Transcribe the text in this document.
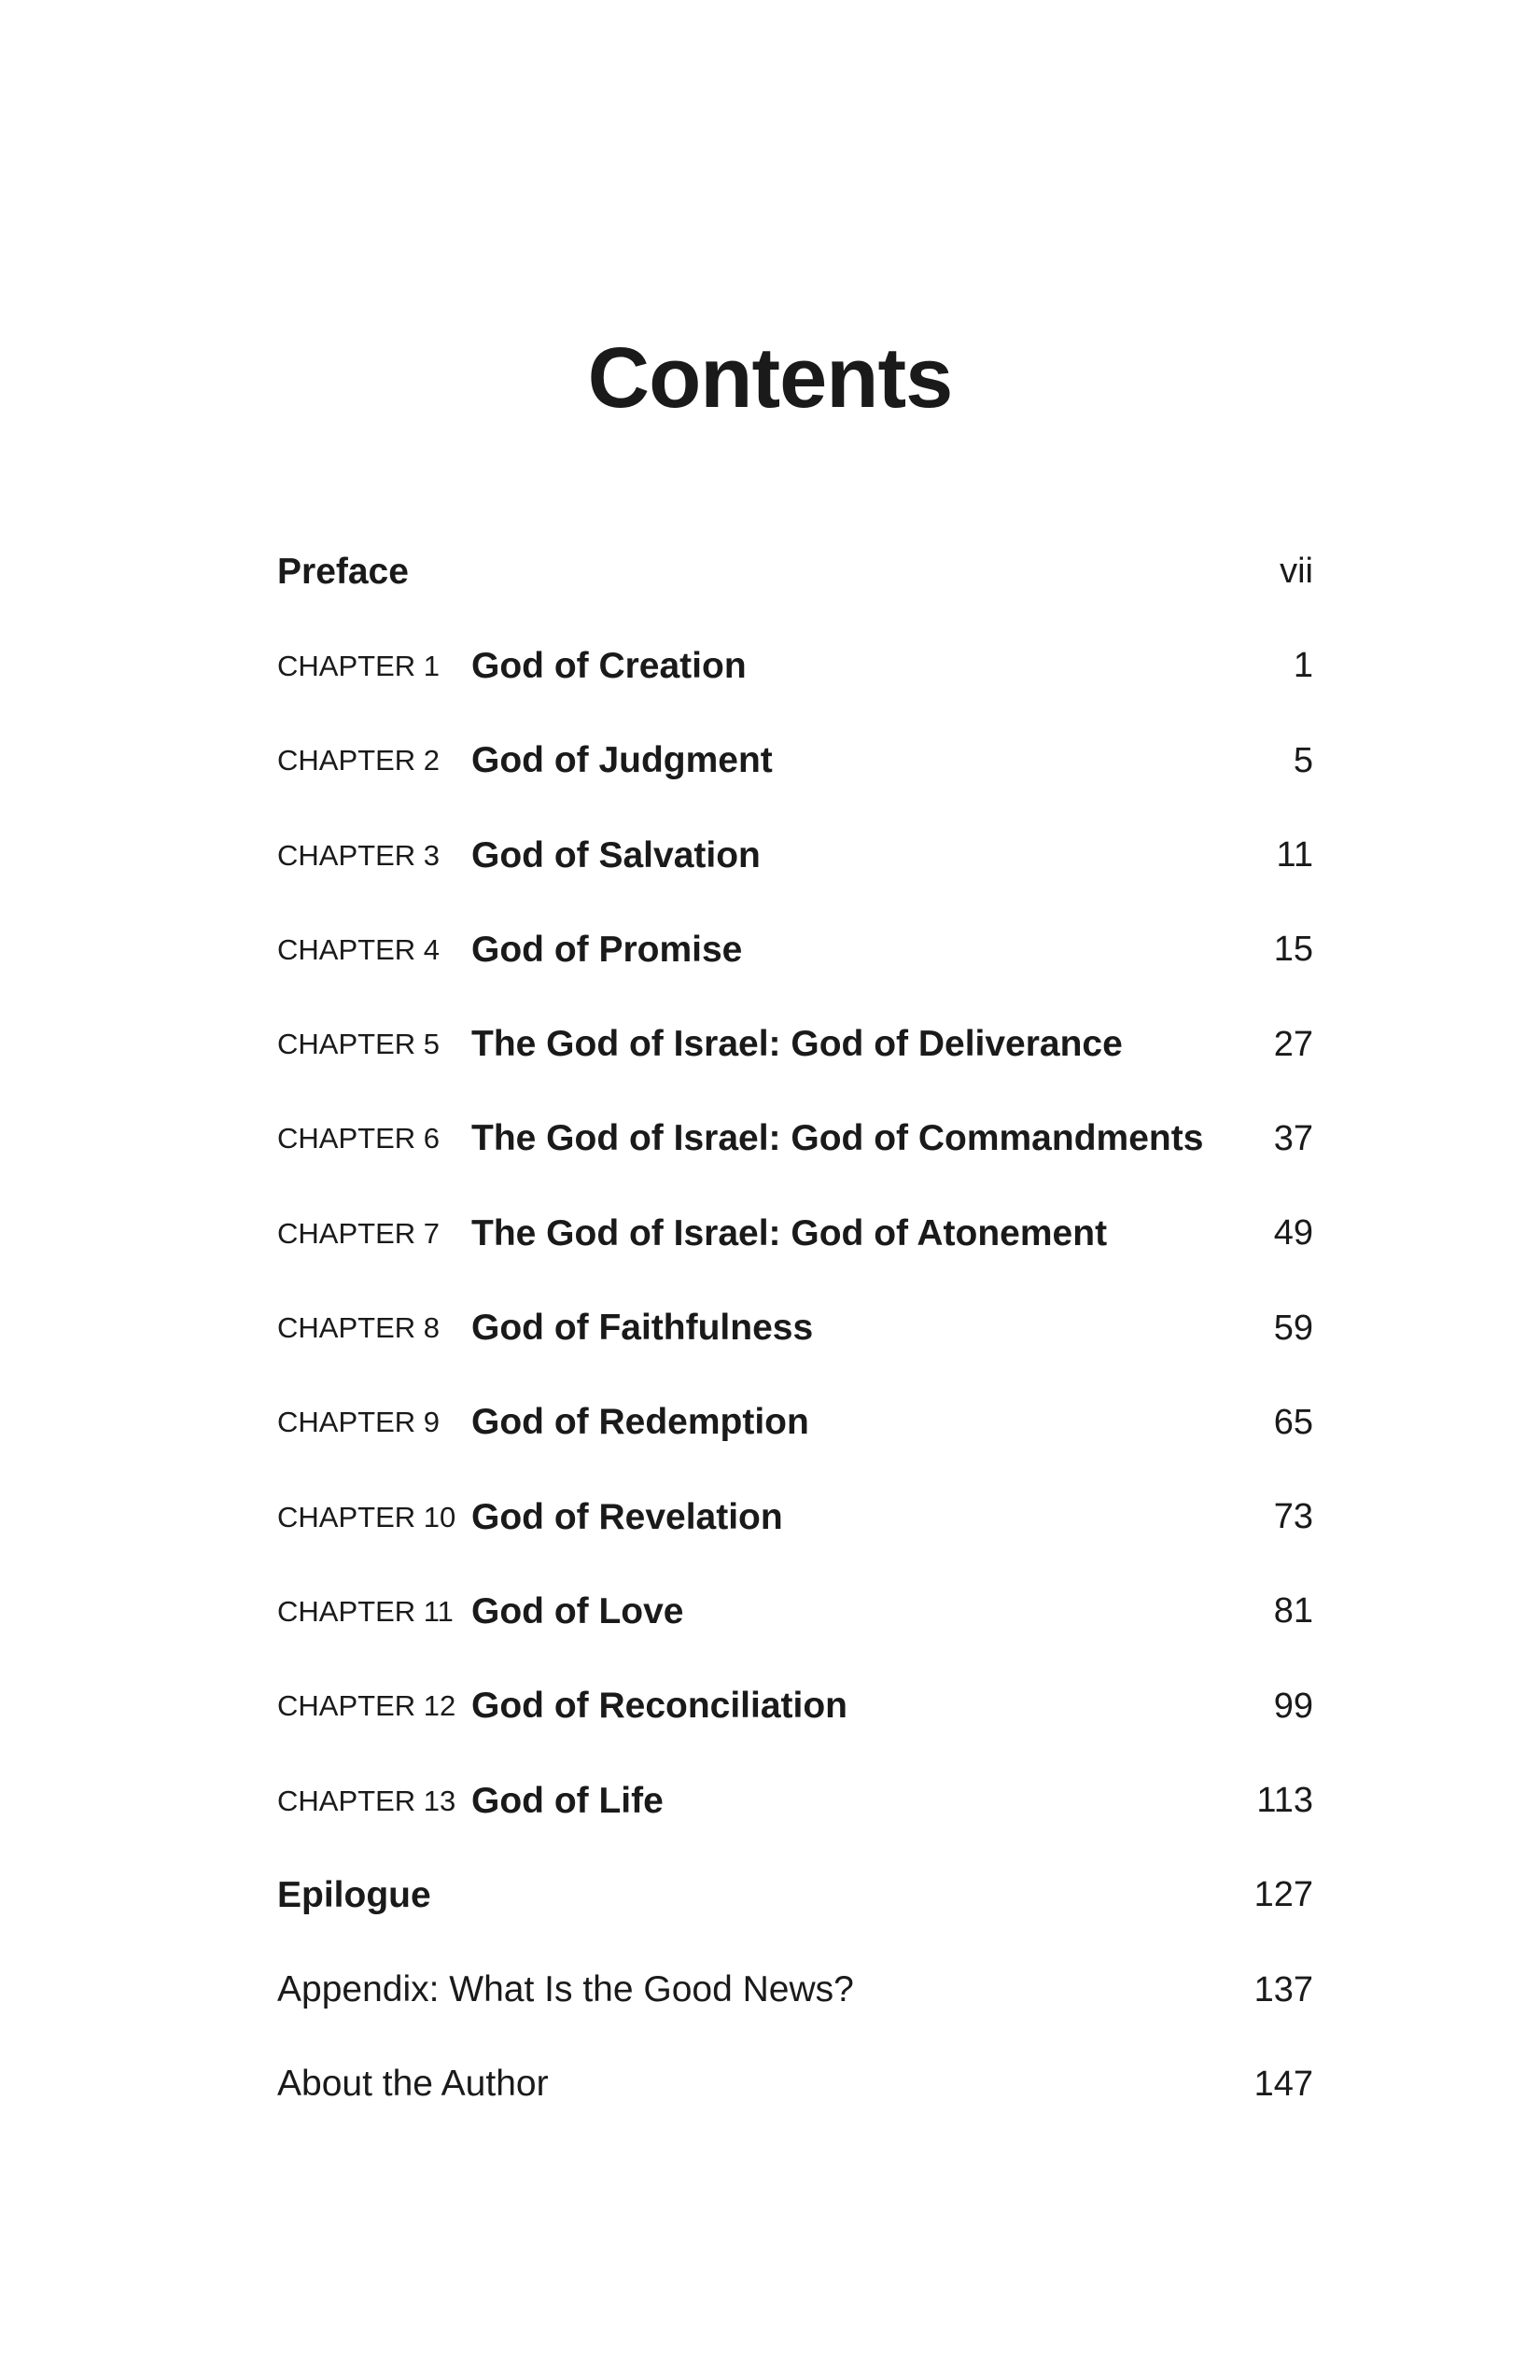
Contents
Preface	vii
CHAPTER 1 God of Creation	1
CHAPTER 2 God of Judgment	5
CHAPTER 3 God of Salvation	11
CHAPTER 4 God of Promise	15
CHAPTER 5 The God of Israel: God of Deliverance	27
CHAPTER 6 The God of Israel: God of Commandments 37
CHAPTER 7 The God of Israel: God of Atonement	49
CHAPTER 8 God of Faithfulness	59
CHAPTER 9 God of Redemption	65
CHAPTER 10 God of Revelation	73
CHAPTER 11 God of Love	81
CHAPTER 12 God of Reconciliation	99
CHAPTER 13 God of Life	113
Epilogue	127
Appendix: What Is the Good News?	137
About the Author	147
